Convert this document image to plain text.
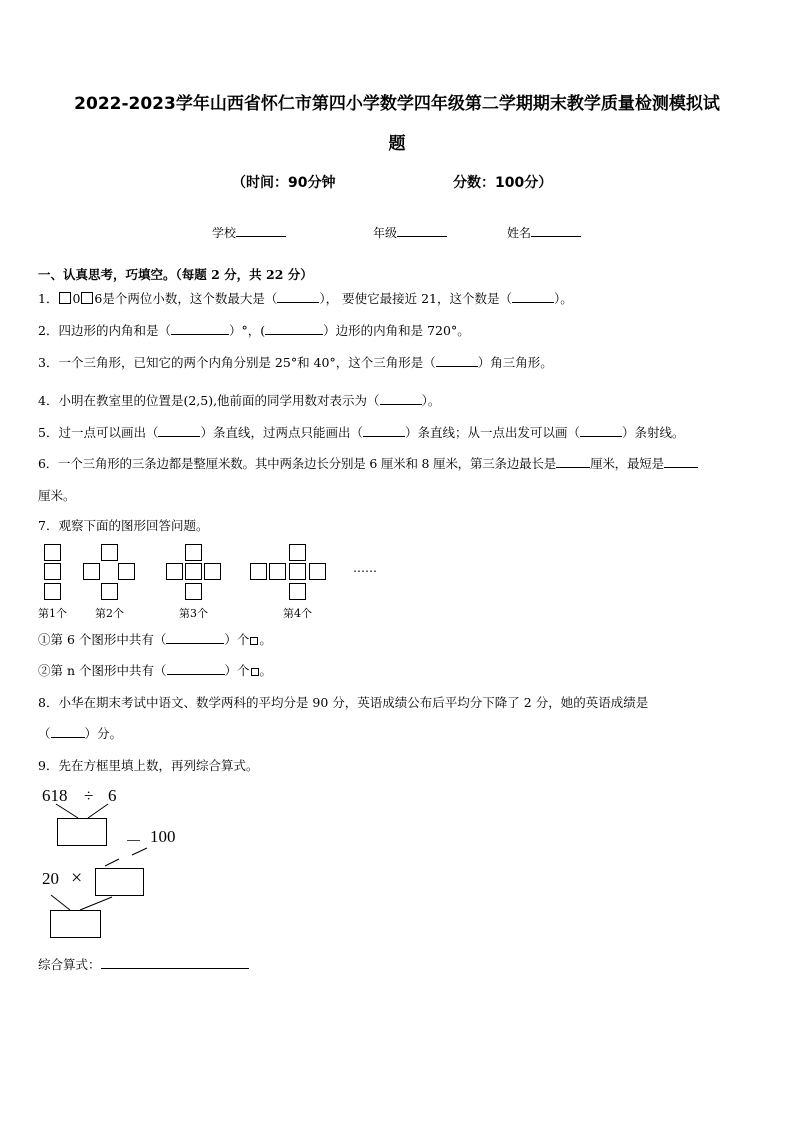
2022-2023学年山西省怀仁市第四小学数学四年级第二学期期末教学质量检测模拟试
题
（时间：90分钟	分数：100分）
学校	年级	姓名
一、认真思考，巧填空。（每题 2 分，共 22 分）
1． 0 6是个两位小数，这个数最大是（	）， 要使它最接近 21，这个数是（	）。
2．四边形的内角和是（	）°，(	）边形的内角和是 720°。
3．一个三角形，已知它的两个内角分别是 25°和 40°，这个三角形是（	）角三角形。
4．小明在教室里的位置是(2,5),他前面的同学用数对表示为（	）。
5．过一点可以画出（	）条直线，过两点只能画出（	）条直线；从一点出发可以画（	）条射线。
6．一个三角形的三条边都是整厘米数。其中两条边长分别是 6 厘米和 8 厘米，第三条边最长是	厘米，最短是
厘米。
7．观察下面的图形回答问题。
……
第1个	第2个	第3个	第4个
①第 6 个图形中共有（	）个 。
②第 n 个图形中共有（	）个 。
8．小华在期末考试中语文、数学两科的平均分是 90 分，英语成绩公布后平均分下降了 2 分，她的英语成绩是
（	）分。
9．先在方框里填上数，再列综合算式。
618 ÷ 6
－ 100
20 ×
综合算式：
